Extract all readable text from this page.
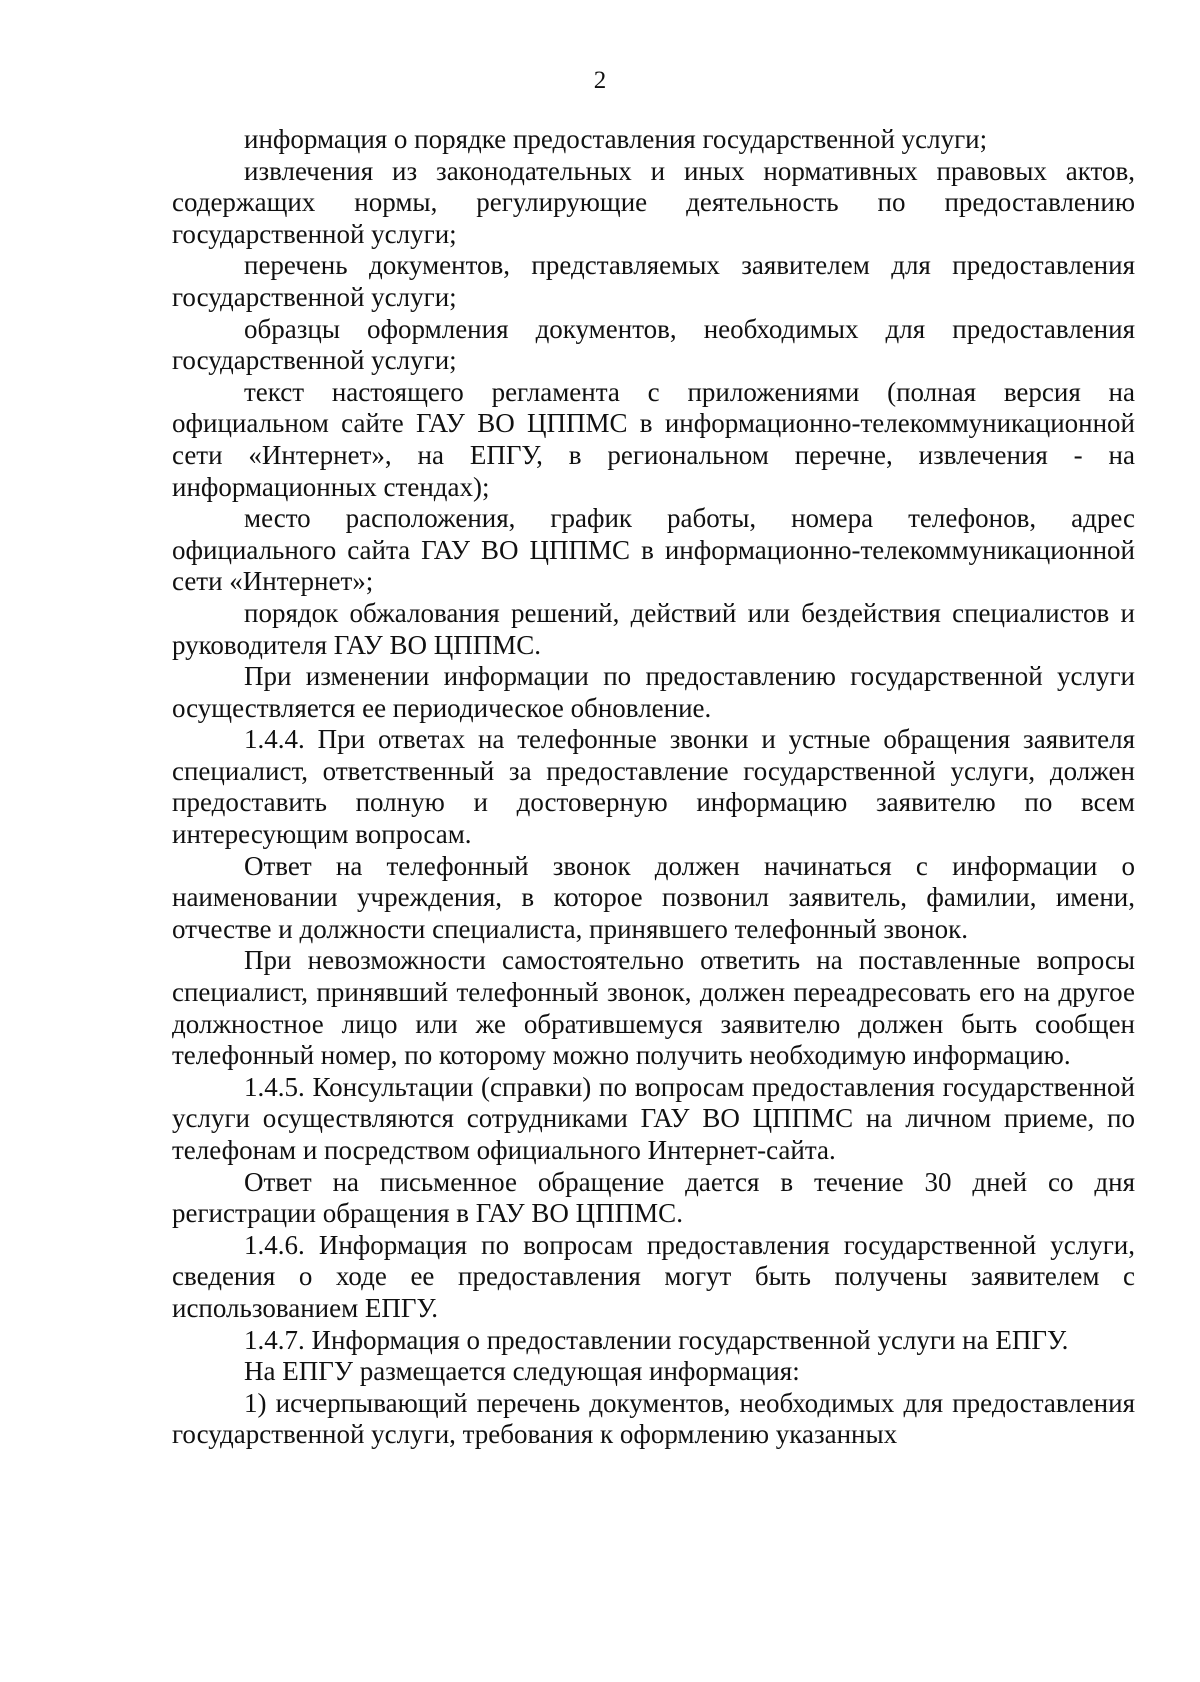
2

информация о порядке предоставления государственной услуги;

извлечения из законодательных и иных нормативных правовых актов, содержащих нормы, регулирующие деятельность по предоставлению государственной услуги;

перечень документов, представляемых заявителем для предоставления государственной услуги;

образцы оформления документов, необходимых для предоставления государственной услуги;

текст настоящего регламента с приложениями (полная версия на официальном сайте ГАУ ВО ЦППМС в информационно-телекоммуникационной сети «Интернет», на ЕПГУ, в региональном перечне, извлечения - на информационных стендах);

место расположения, график работы, номера телефонов, адрес официального сайта ГАУ ВО ЦППМС в информационно-телекоммуникационной сети «Интернет»;

порядок обжалования решений, действий или бездействия специалистов и руководителя ГАУ ВО ЦППМС.

При изменении информации по предоставлению государственной услуги осуществляется ее периодическое обновление.

1.4.4. При ответах на телефонные звонки и устные обращения заявителя специалист, ответственный за предоставление государственной услуги, должен предоставить полную и достоверную информацию заявителю по всем интересующим вопросам.

Ответ на телефонный звонок должен начинаться с информации о наименовании учреждения, в которое позвонил заявитель, фамилии, имени, отчестве и должности специалиста, принявшего телефонный звонок.

При невозможности самостоятельно ответить на поставленные вопросы специалист, принявший телефонный звонок, должен переадресовать его на другое должностное лицо или же обратившемуся заявителю должен быть сообщен телефонный номер, по которому можно получить необходимую информацию.

1.4.5. Консультации (справки) по вопросам предоставления государственной услуги осуществляются сотрудниками ГАУ ВО ЦППМС на личном приеме, по телефонам и посредством официального Интернет-сайта.

Ответ на письменное обращение дается в течение 30 дней со дня регистрации обращения в ГАУ ВО ЦППМС.

1.4.6. Информация по вопросам предоставления государственной услуги, сведения о ходе ее предоставления могут быть получены заявителем с использованием ЕПГУ.

1.4.7. Информация о предоставлении государственной услуги на ЕПГУ.

На ЕПГУ размещается следующая информация:

1) исчерпывающий перечень документов, необходимых для предоставления государственной услуги, требования к оформлению указанных
